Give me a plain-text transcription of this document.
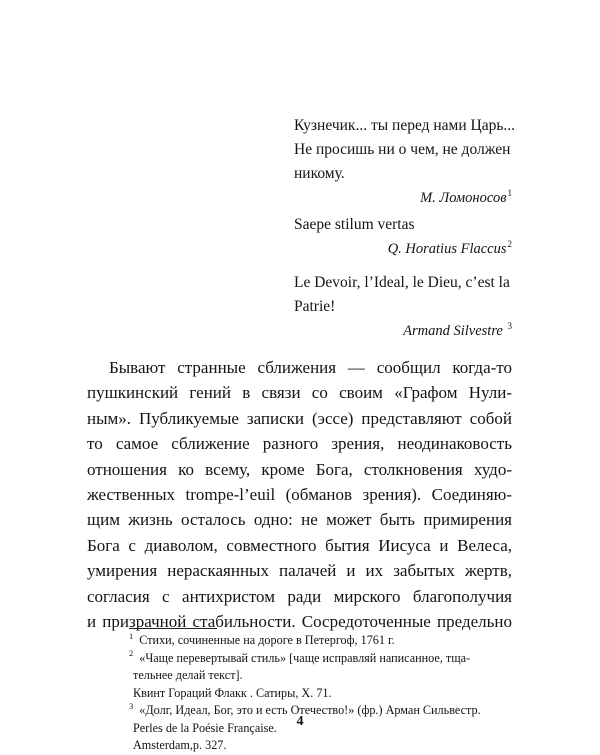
Кузнечик... ты перед нами Царь...
Не просишь ни о чем, не должен
никому.
М. Ломоносов$^1$
Saepe stilum vertas
Q. Horatius Flaccus$^2$
Le Devoir, l’Ideal, le Dieu, c’est la
Patrie!
Armand Silvestre $^3$
Бывают странные сближения — сообщил когда-то
пушкинский гений в связи со своим «Графом Нули-
ным». Публикуемые записки (эссе) представляют собой
то самое сближение разного зрения, неодинаковость
отношения ко всему, кроме Бога, столкновения худо-
жественных trompe-l’euil (обманов зрения). Соединяю-
щим жизнь осталось одно: не может быть примирения
Бога с диаволом, совместного бытия Иисуса и Велеса,
умирения нераскаянных палачей и их забытых жертв,
согласия с антихристом ради мирского благополучия
и призрачной стабильности. Сосредоточенные предельно
1 Стихи, сочиненные на дороге в Петергоф, 1761 г.
2 «Чаще перевертывай стиль» [чаще исправляй написанное, тща-
тельнее делай текст].
Квинт Гораций Флакк . Сатиры, X. 71.
3 «Долг, Идеал, Бог, это и есть Отечество!» (фр.) Арман Сильвестр.
Perles de la Poésie Française.
Amsterdam,p. 327.
4
